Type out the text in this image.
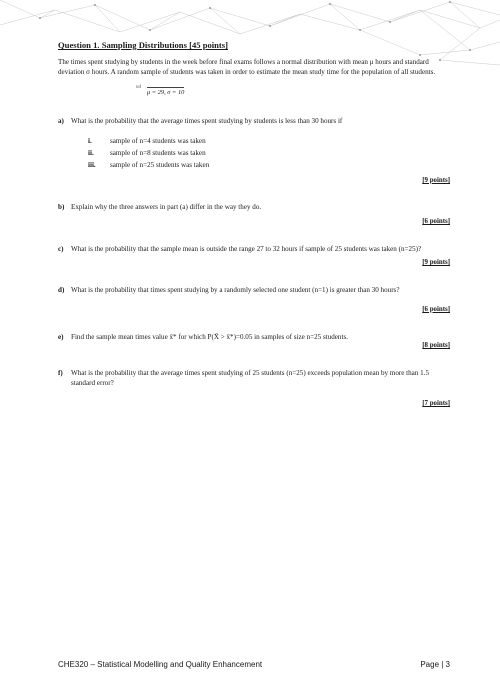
Question 1. Sampling Distributions [45 points]

The times spent studying by students in the week before final exams follows a normal distribution with mean μ hours and standard deviation σ hours. A random sample of students was taken in order to estimate the mean study time for the population of all students.

nd
μ = 29, σ = 10
a) What is the probability that the average times spent studying by students is less than 30 hours if
i.	sample of n=4 students was taken
ii.	sample of n=8 students was taken
iii.	sample of n=25 students was taken
[9 points]
b) Explain why the three answers in part (a) differ in the way they do.
[6 points]
c) What is the probability that the sample mean is outside the range 27 to 32 hours if sample of 25 students was taken (n=25)?
[9 points]
d) What is the probability that times spent studying by a randomly selected one student (n=1) is greater than 30 hours?
[6 points]
e) Find the sample mean times value x̄* for which P(X̄ > x̄*)=0.05 in samples of size n=25 students.
[8 points]
f) What is the probability that the average times spent studying of 25 students (n=25) exceeds population mean by more than 1.5 standard error?
[7 points]
CHE320 – Statistical Modelling and Quality Enhancement	Page | 3
